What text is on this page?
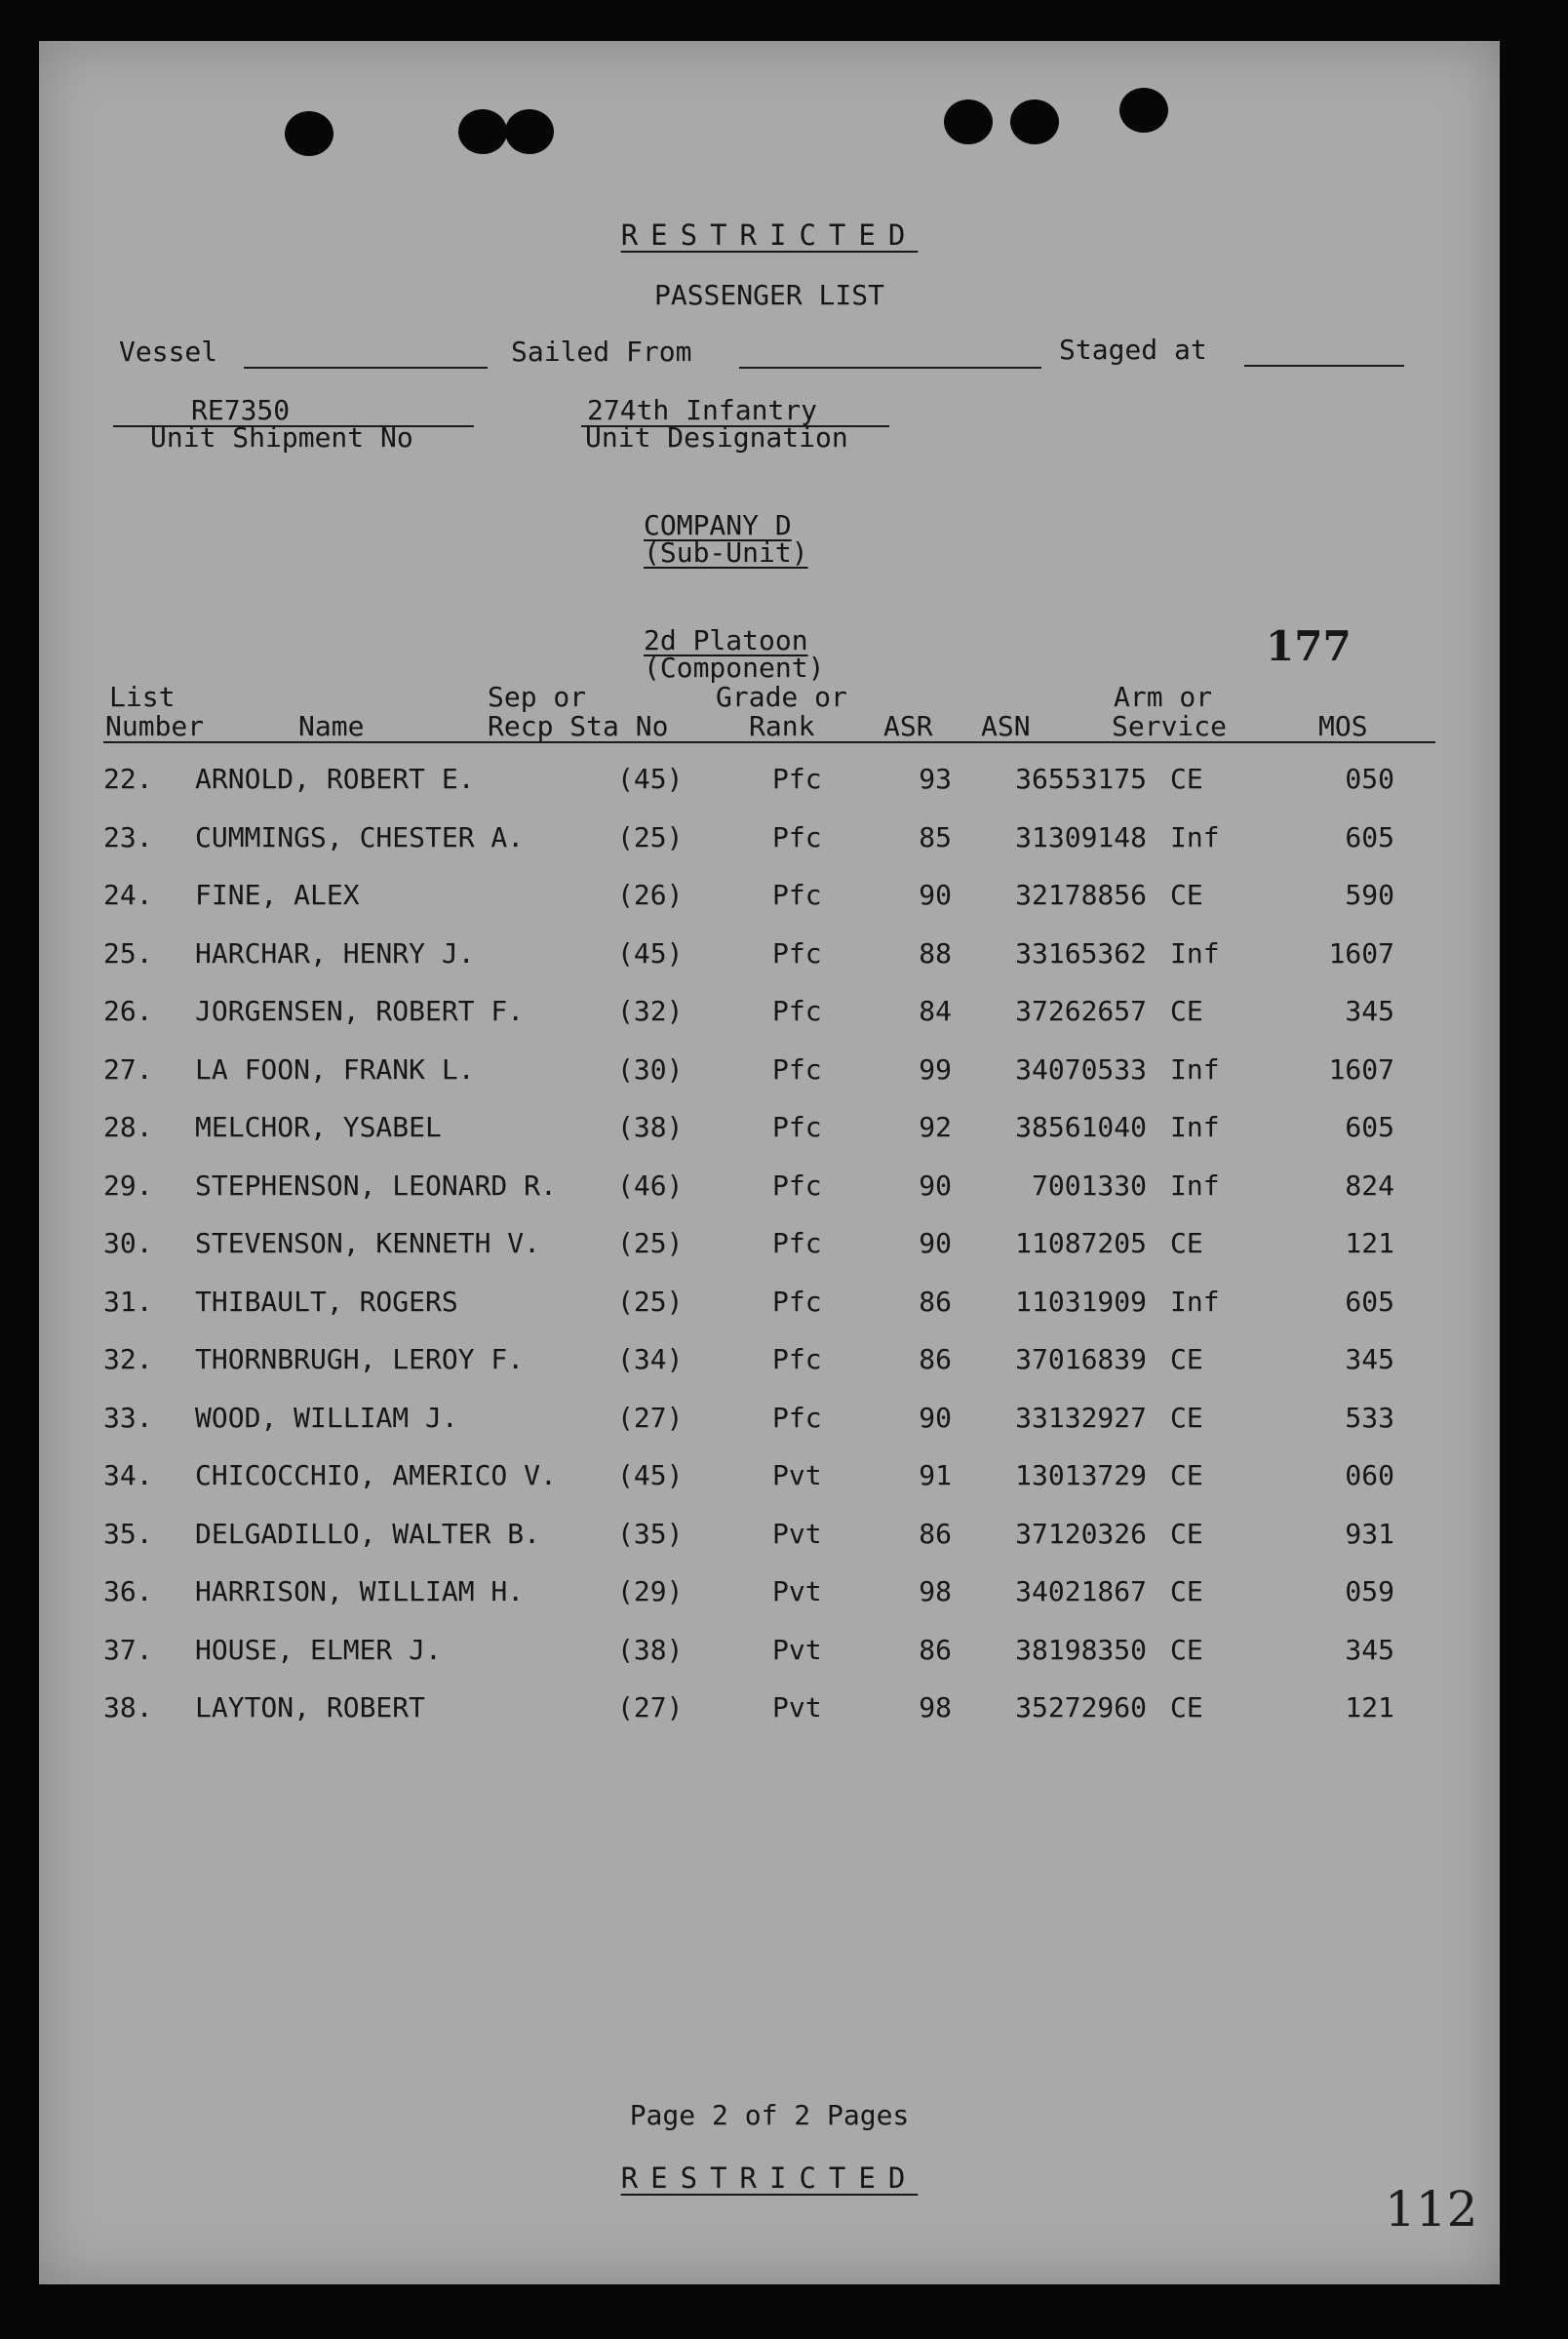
RESTRICTED
PASSENGER LIST
Vessel	Sailed From	Staged at
RE7350
Unit Shipment No
274th Infantry
Unit Designation
COMPANY D
(Sub-Unit)
2d Platoon
(Component)	177
List
Number	Name
Sep or
Recp Sta No
Grade or
Rank	ASR ASN
Arm or
Service	MOS
22. ARNOLD, ROBERT E.	(45)	Pfc	93	36553175 CE	050
23. CUMMINGS, CHESTER A.	(25)	Pfc	85	31309148 Inf	605
24. FINE, ALEX	(26)	Pfc	90	32178856 CE	590
25. HARCHAR, HENRY J.	(45)	Pfc	88	33165362 Inf	1607
26. JORGENSEN, ROBERT F.	(32)	Pfc	84	37262657 CE	345
27. LA FOON, FRANK L.	(30)	Pfc	99	34070533 Inf	1607
28. MELCHOR, YSABEL	(38)	Pfc	92	38561040 Inf	605
29. STEPHENSON, LEONARD R. (46)	Pfc	90	7001330 Inf	824
30. STEVENSON, KENNETH V.	(25)	Pfc	90	11087205 CE	121
31. THIBAULT, ROGERS	(25)	Pfc	86	11031909 Inf	605
32. THORNBRUGH, LEROY F.	(34)	Pfc	86	37016839 CE	345
33. WOOD, WILLIAM J.	(27)	Pfc	90	33132927 CE	533
34. CHICOCCHIO, AMERICO V. (45)	Pvt	91	13013729 CE	060
35. DELGADILLO, WALTER B.	(35)	Pvt	86	37120326 CE	931
36. HARRISON, WILLIAM H.	(29)	Pvt	98	34021867 CE	059
37. HOUSE, ELMER J.	(38)	Pvt	86	38198350 CE	345
38. LAYTON, ROBERT	(27)	Pvt	98	35272960 CE	121
Page 2 of 2 Pages
RESTRICTED
112
